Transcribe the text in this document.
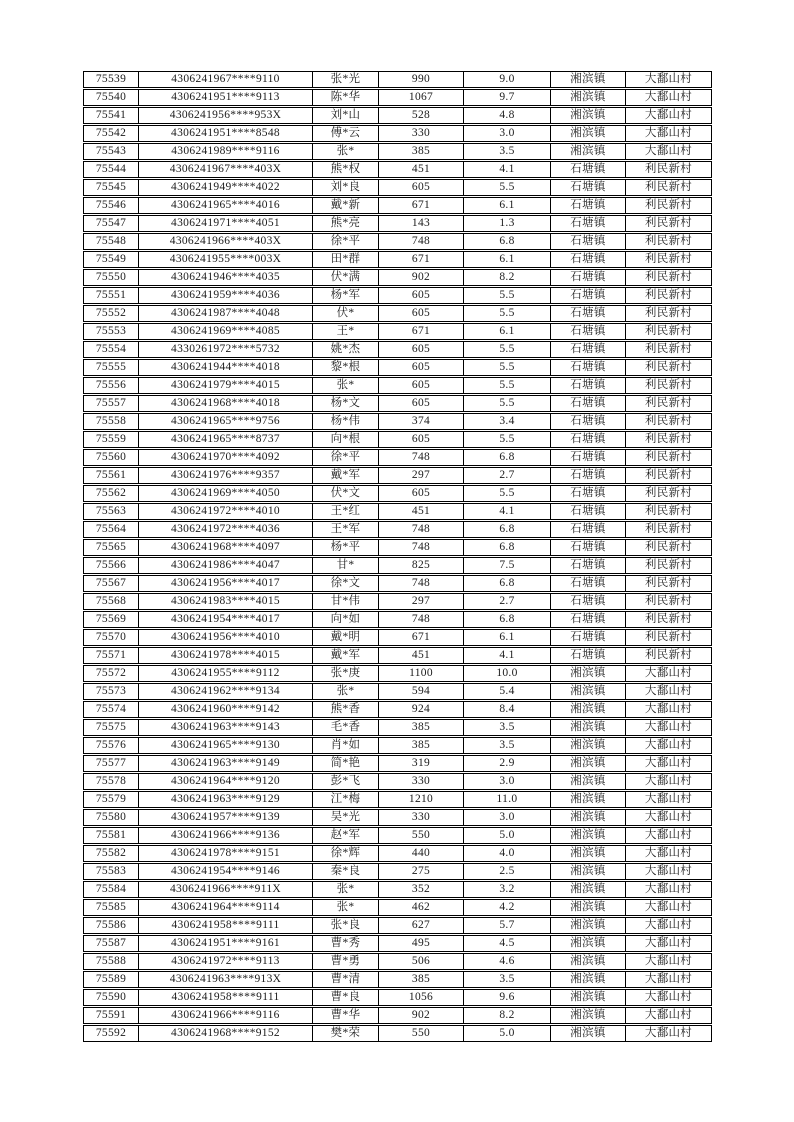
75539	4306241967****9110	张*光	990	9.0	湘滨镇	大鄱山村
75540	4306241951****9113	陈*华	1067	9.7	湘滨镇	大鄱山村
75541	4306241956****953X	刘*山	528	4.8	湘滨镇	大鄱山村
75542	4306241951****8548	傅*云	330	3.0	湘滨镇	大鄱山村
75543	4306241989****9116	张*	385	3.5	湘滨镇	大鄱山村
75544	4306241967****403X	熊*权	451	4.1	石塘镇	利民新村
75545	4306241949****4022	刘*良	605	5.5	石塘镇	利民新村
75546	4306241965****4016	戴*新	671	6.1	石塘镇	利民新村
75547	4306241971****4051	熊*亮	143	1.3	石塘镇	利民新村
75548	4306241966****403X	徐*平	748	6.8	石塘镇	利民新村
75549	4306241955****003X	田*群	671	6.1	石塘镇	利民新村
75550	4306241946****4035	伏*满	902	8.2	石塘镇	利民新村
75551	4306241959****4036	杨*军	605	5.5	石塘镇	利民新村
75552	4306241987****4048	伏*	605	5.5	石塘镇	利民新村
75553	4306241969****4085	王*	671	6.1	石塘镇	利民新村
75554	4330261972****5732	姚*杰	605	5.5	石塘镇	利民新村
75555	4306241944****4018	黎*根	605	5.5	石塘镇	利民新村
75556	4306241979****4015	张*	605	5.5	石塘镇	利民新村
75557	4306241968****4018	杨*文	605	5.5	石塘镇	利民新村
75558	4306241965****9756	杨*伟	374	3.4	石塘镇	利民新村
75559	4306241965****8737	向*根	605	5.5	石塘镇	利民新村
75560	4306241970****4092	徐*平	748	6.8	石塘镇	利民新村
75561	4306241976****9357	戴*军	297	2.7	石塘镇	利民新村
75562	4306241969****4050	伏*文	605	5.5	石塘镇	利民新村
75563	4306241972****4010	王*红	451	4.1	石塘镇	利民新村
75564	4306241972****4036	王*军	748	6.8	石塘镇	利民新村
75565	4306241968****4097	杨*平	748	6.8	石塘镇	利民新村
75566	4306241986****4047	甘*	825	7.5	石塘镇	利民新村
75567	4306241956****4017	徐*文	748	6.8	石塘镇	利民新村
75568	4306241983****4015	甘*伟	297	2.7	石塘镇	利民新村
75569	4306241954****4017	向*如	748	6.8	石塘镇	利民新村
75570	4306241956****4010	戴*明	671	6.1	石塘镇	利民新村
75571	4306241978****4015	戴*军	451	4.1	石塘镇	利民新村
75572	4306241955****9112	张*庚	1100	10.0	湘滨镇	大鄱山村
75573	4306241962****9134	张*	594	5.4	湘滨镇	大鄱山村
75574	4306241960****9142	熊*香	924	8.4	湘滨镇	大鄱山村
75575	4306241963****9143	毛*香	385	3.5	湘滨镇	大鄱山村
75576	4306241965****9130	肖*如	385	3.5	湘滨镇	大鄱山村
75577	4306241963****9149	简*艳	319	2.9	湘滨镇	大鄱山村
75578	4306241964****9120	彭*飞	330	3.0	湘滨镇	大鄱山村
75579	4306241963****9129	江*梅	1210	11.0	湘滨镇	大鄱山村
75580	4306241957****9139	吴*光	330	3.0	湘滨镇	大鄱山村
75581	4306241966****9136	赵*军	550	5.0	湘滨镇	大鄱山村
75582	4306241978****9151	徐*辉	440	4.0	湘滨镇	大鄱山村
75583	4306241954****9146	秦*良	275	2.5	湘滨镇	大鄱山村
75584	4306241966****911X	张*	352	3.2	湘滨镇	大鄱山村
75585	4306241964****9114	张*	462	4.2	湘滨镇	大鄱山村
75586	4306241958****9111	张*良	627	5.7	湘滨镇	大鄱山村
75587	4306241951****9161	曹*秀	495	4.5	湘滨镇	大鄱山村
75588	4306241972****9113	曹*勇	506	4.6	湘滨镇	大鄱山村
75589	4306241963****913X	曹*清	385	3.5	湘滨镇	大鄱山村
75590	4306241958****9111	曹*良	1056	9.6	湘滨镇	大鄱山村
75591	4306241966****9116	曹*华	902	8.2	湘滨镇	大鄱山村
75592	4306241968****9152	樊*荣	550	5.0	湘滨镇	大鄱山村
